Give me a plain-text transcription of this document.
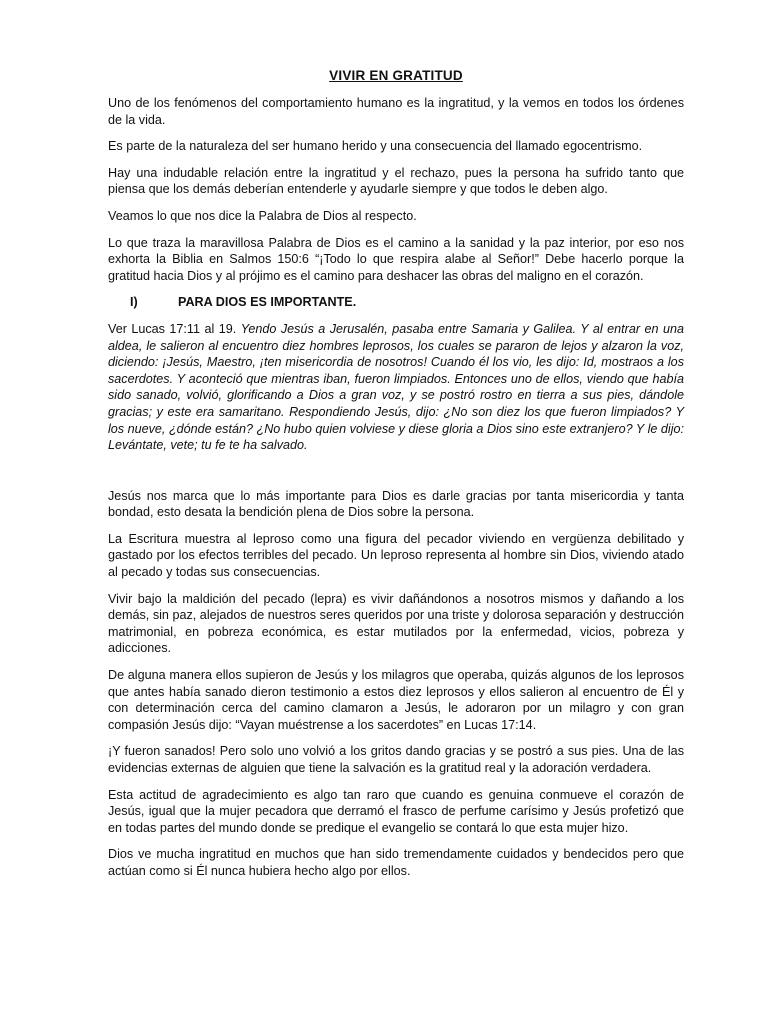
VIVIR EN GRATITUD

Uno de los fenómenos del comportamiento humano es la ingratitud, y la vemos en todos los órdenes de la vida.

Es parte de la naturaleza del ser humano herido y una consecuencia del llamado egocentrismo.

Hay una indudable relación entre la ingratitud y el rechazo, pues la persona ha sufrido tanto que piensa que los demás deberían entenderle y ayudarle siempre y que todos le deben algo.

Veamos lo que nos dice la Palabra de Dios al respecto.

Lo que traza la maravillosa Palabra de Dios es el camino a la sanidad y la paz interior, por eso nos exhorta la Biblia en Salmos 150:6 “¡Todo lo que respira alabe al Señor!” Debe hacerlo porque la gratitud hacia Dios y al prójimo es el camino para deshacer las obras del maligno en el corazón.

I)	PARA DIOS ES IMPORTANTE.

Ver Lucas 17:11 al 19. Yendo Jesús a Jerusalén, pasaba entre Samaria y Galilea. Y al entrar en una aldea, le salieron al encuentro diez hombres leprosos, los cuales se pararon de lejos y alzaron la voz, diciendo: ¡Jesús, Maestro, ¡ten misericordia de nosotros! Cuando él los vio, les dijo: Id, mostraos a los sacerdotes. Y aconteció que mientras iban, fueron limpiados. Entonces uno de ellos, viendo que había sido sanado, volvió, glorificando a Dios a gran voz, y se postró rostro en tierra a sus pies, dándole gracias; y este era samaritano. Respondiendo Jesús, dijo: ¿No son diez los que fueron limpiados? Y los nueve, ¿dónde están? ¿No hubo quien volviese y diese gloria a Dios sino este extranjero? Y le dijo: Levántate, vete; tu fe te ha salvado.

Jesús nos marca que lo más importante para Dios es darle gracias por tanta misericordia y tanta bondad, esto desata la bendición plena de Dios sobre la persona.

La Escritura muestra al leproso como una figura del pecador viviendo en vergüenza debilitado y gastado por los efectos terribles del pecado. Un leproso representa al hombre sin Dios, viviendo atado al pecado y todas sus consecuencias.

Vivir bajo la maldición del pecado (lepra) es vivir dañándonos a nosotros mismos y dañando a los demás, sin paz, alejados de nuestros seres queridos por una triste y dolorosa separación y destrucción matrimonial, en pobreza económica, es estar mutilados por la enfermedad, vicios, pobreza y adicciones.

De alguna manera ellos supieron de Jesús y los milagros que operaba, quizás algunos de los leprosos que antes había sanado dieron testimonio a estos diez leprosos y ellos salieron al encuentro de Él y con determinación cerca del camino clamaron a Jesús, le adoraron por un milagro y con gran compasión Jesús dijo: “Vayan muéstrense a los sacerdotes” en Lucas 17:14.

¡Y fueron sanados! Pero solo uno volvió a los gritos dando gracias y se postró a sus pies. Una de las evidencias externas de alguien que tiene la salvación es la gratitud real y la adoración verdadera.

Esta actitud de agradecimiento es algo tan raro que cuando es genuina conmueve el corazón de Jesús, igual que la mujer pecadora que derramó el frasco de perfume carísimo y Jesús profetizó que en todas partes del mundo donde se predique el evangelio se contará lo que esta mujer hizo.

Dios ve mucha ingratitud en muchos que han sido tremendamente cuidados y bendecidos pero que actúan como si Él nunca hubiera hecho algo por ellos.
